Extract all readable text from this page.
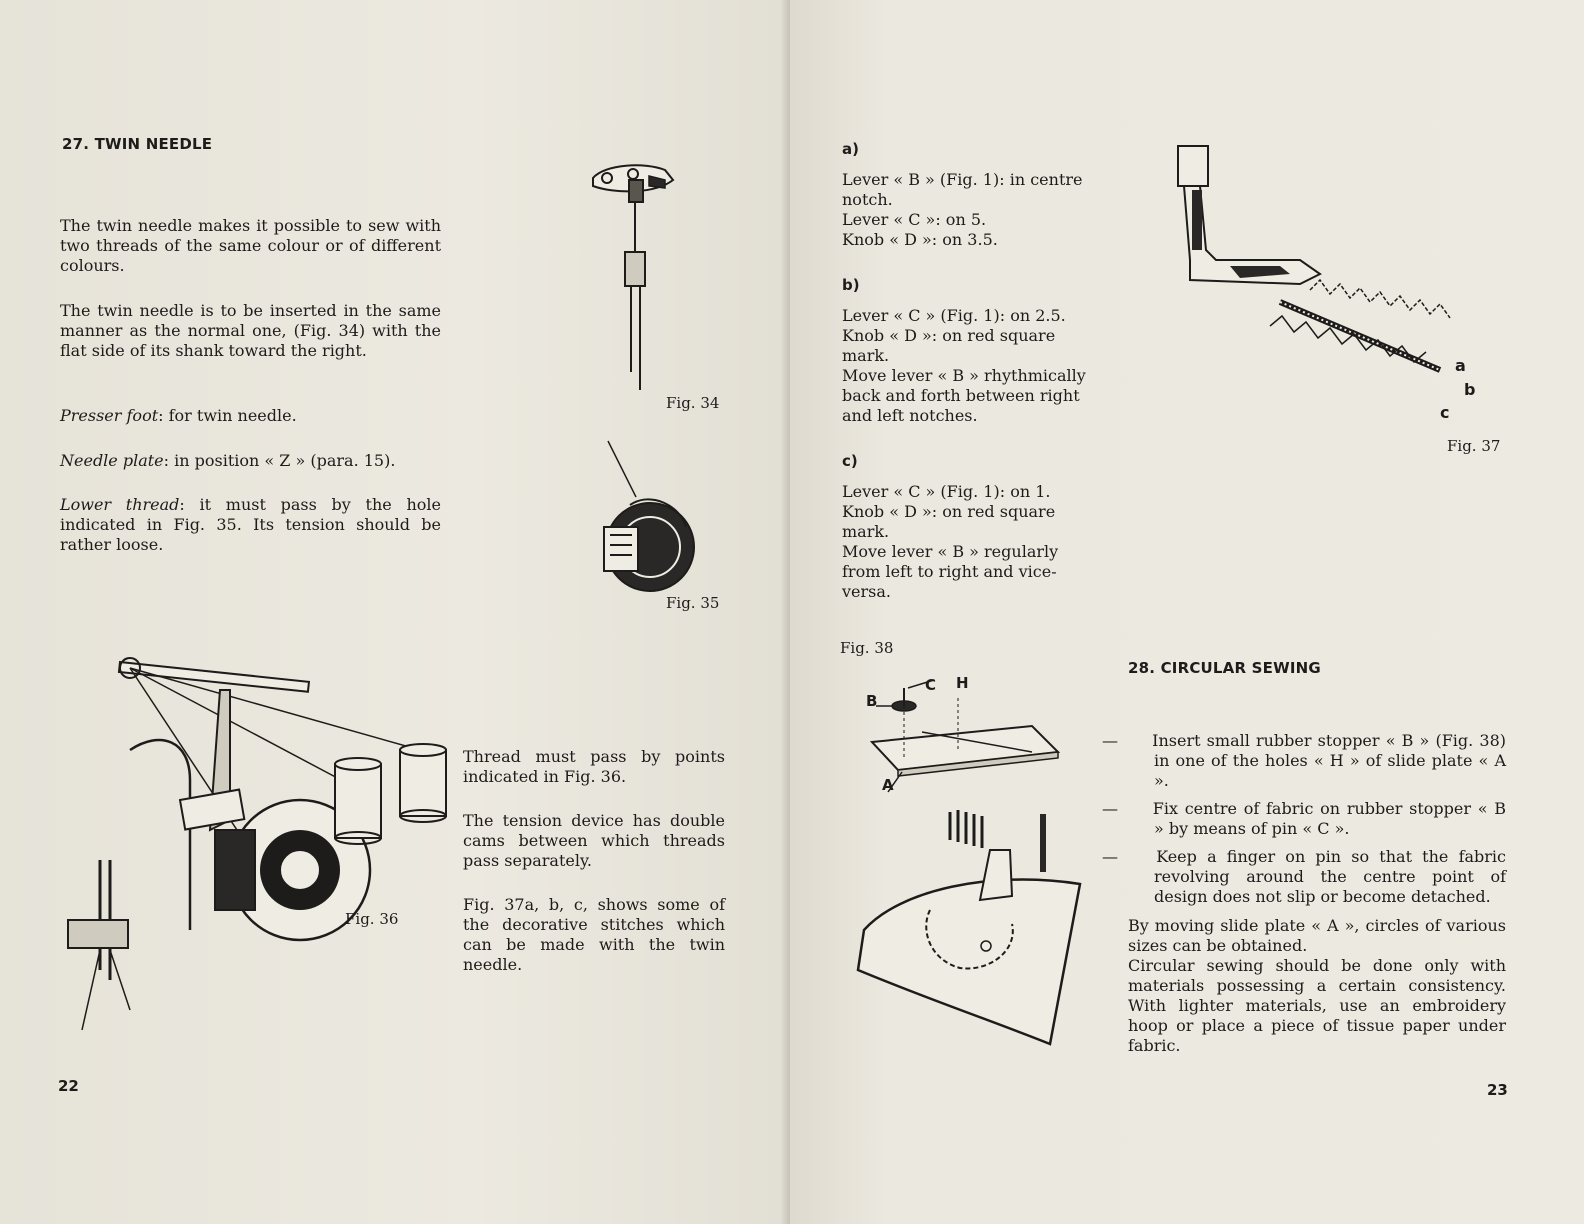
27. TWIN NEEDLE

The twin needle makes it possible to sew with two threads of the same colour or of different colours.

The twin needle is to be inserted in the same manner as the normal one, (Fig. 34) with the flat side of its shank toward the right.

Presser foot: for twin needle.

Needle plate: in position « Z » (para. 15).

Lower thread: it must pass by the hole indicated in Fig. 35. Its tension should be rather loose.

Fig. 34
Fig. 35
Fig. 36

Thread must pass by points indicated in Fig. 36.

The tension device has double cams between which threads pass separately.

Fig. 37a, b, c, shows some of the decorative stitches which can be made with the twin needle.

22
a)
Lever « B » (Fig. 1): in centre
notch.
Lever « C »: on 5.
Knob « D »: on 3.5.
b)
Lever « C » (Fig. 1): on 2.5.
Knob « D »: on red square
mark.
Move lever « B » rhythmically
back and forth between right
and left notches.
c)
Lever « C » (Fig. 1): on 1.
Knob « D »: on red square
mark.
Move lever « B » regularly
from left to right and vice-
versa.
a
b
c
Fig. 37
Fig. 38
B
C H
A
28. CIRCULAR SEWING
— Insert small rubber stopper « B » (Fig. 38) in one of the holes « H » of slide plate « A ».
— Fix centre of fabric on rubber stopper « B » by means of pin « C ».
— Keep a finger on pin so that the fabric revolving around the centre point of design does not slip or become detached.

By moving slide plate « A », circles of various sizes can be obtained.

Circular sewing should be done only with materials possessing a certain consistency. With lighter materials, use an embroidery hoop or place a piece of tissue paper under fabric.

23
